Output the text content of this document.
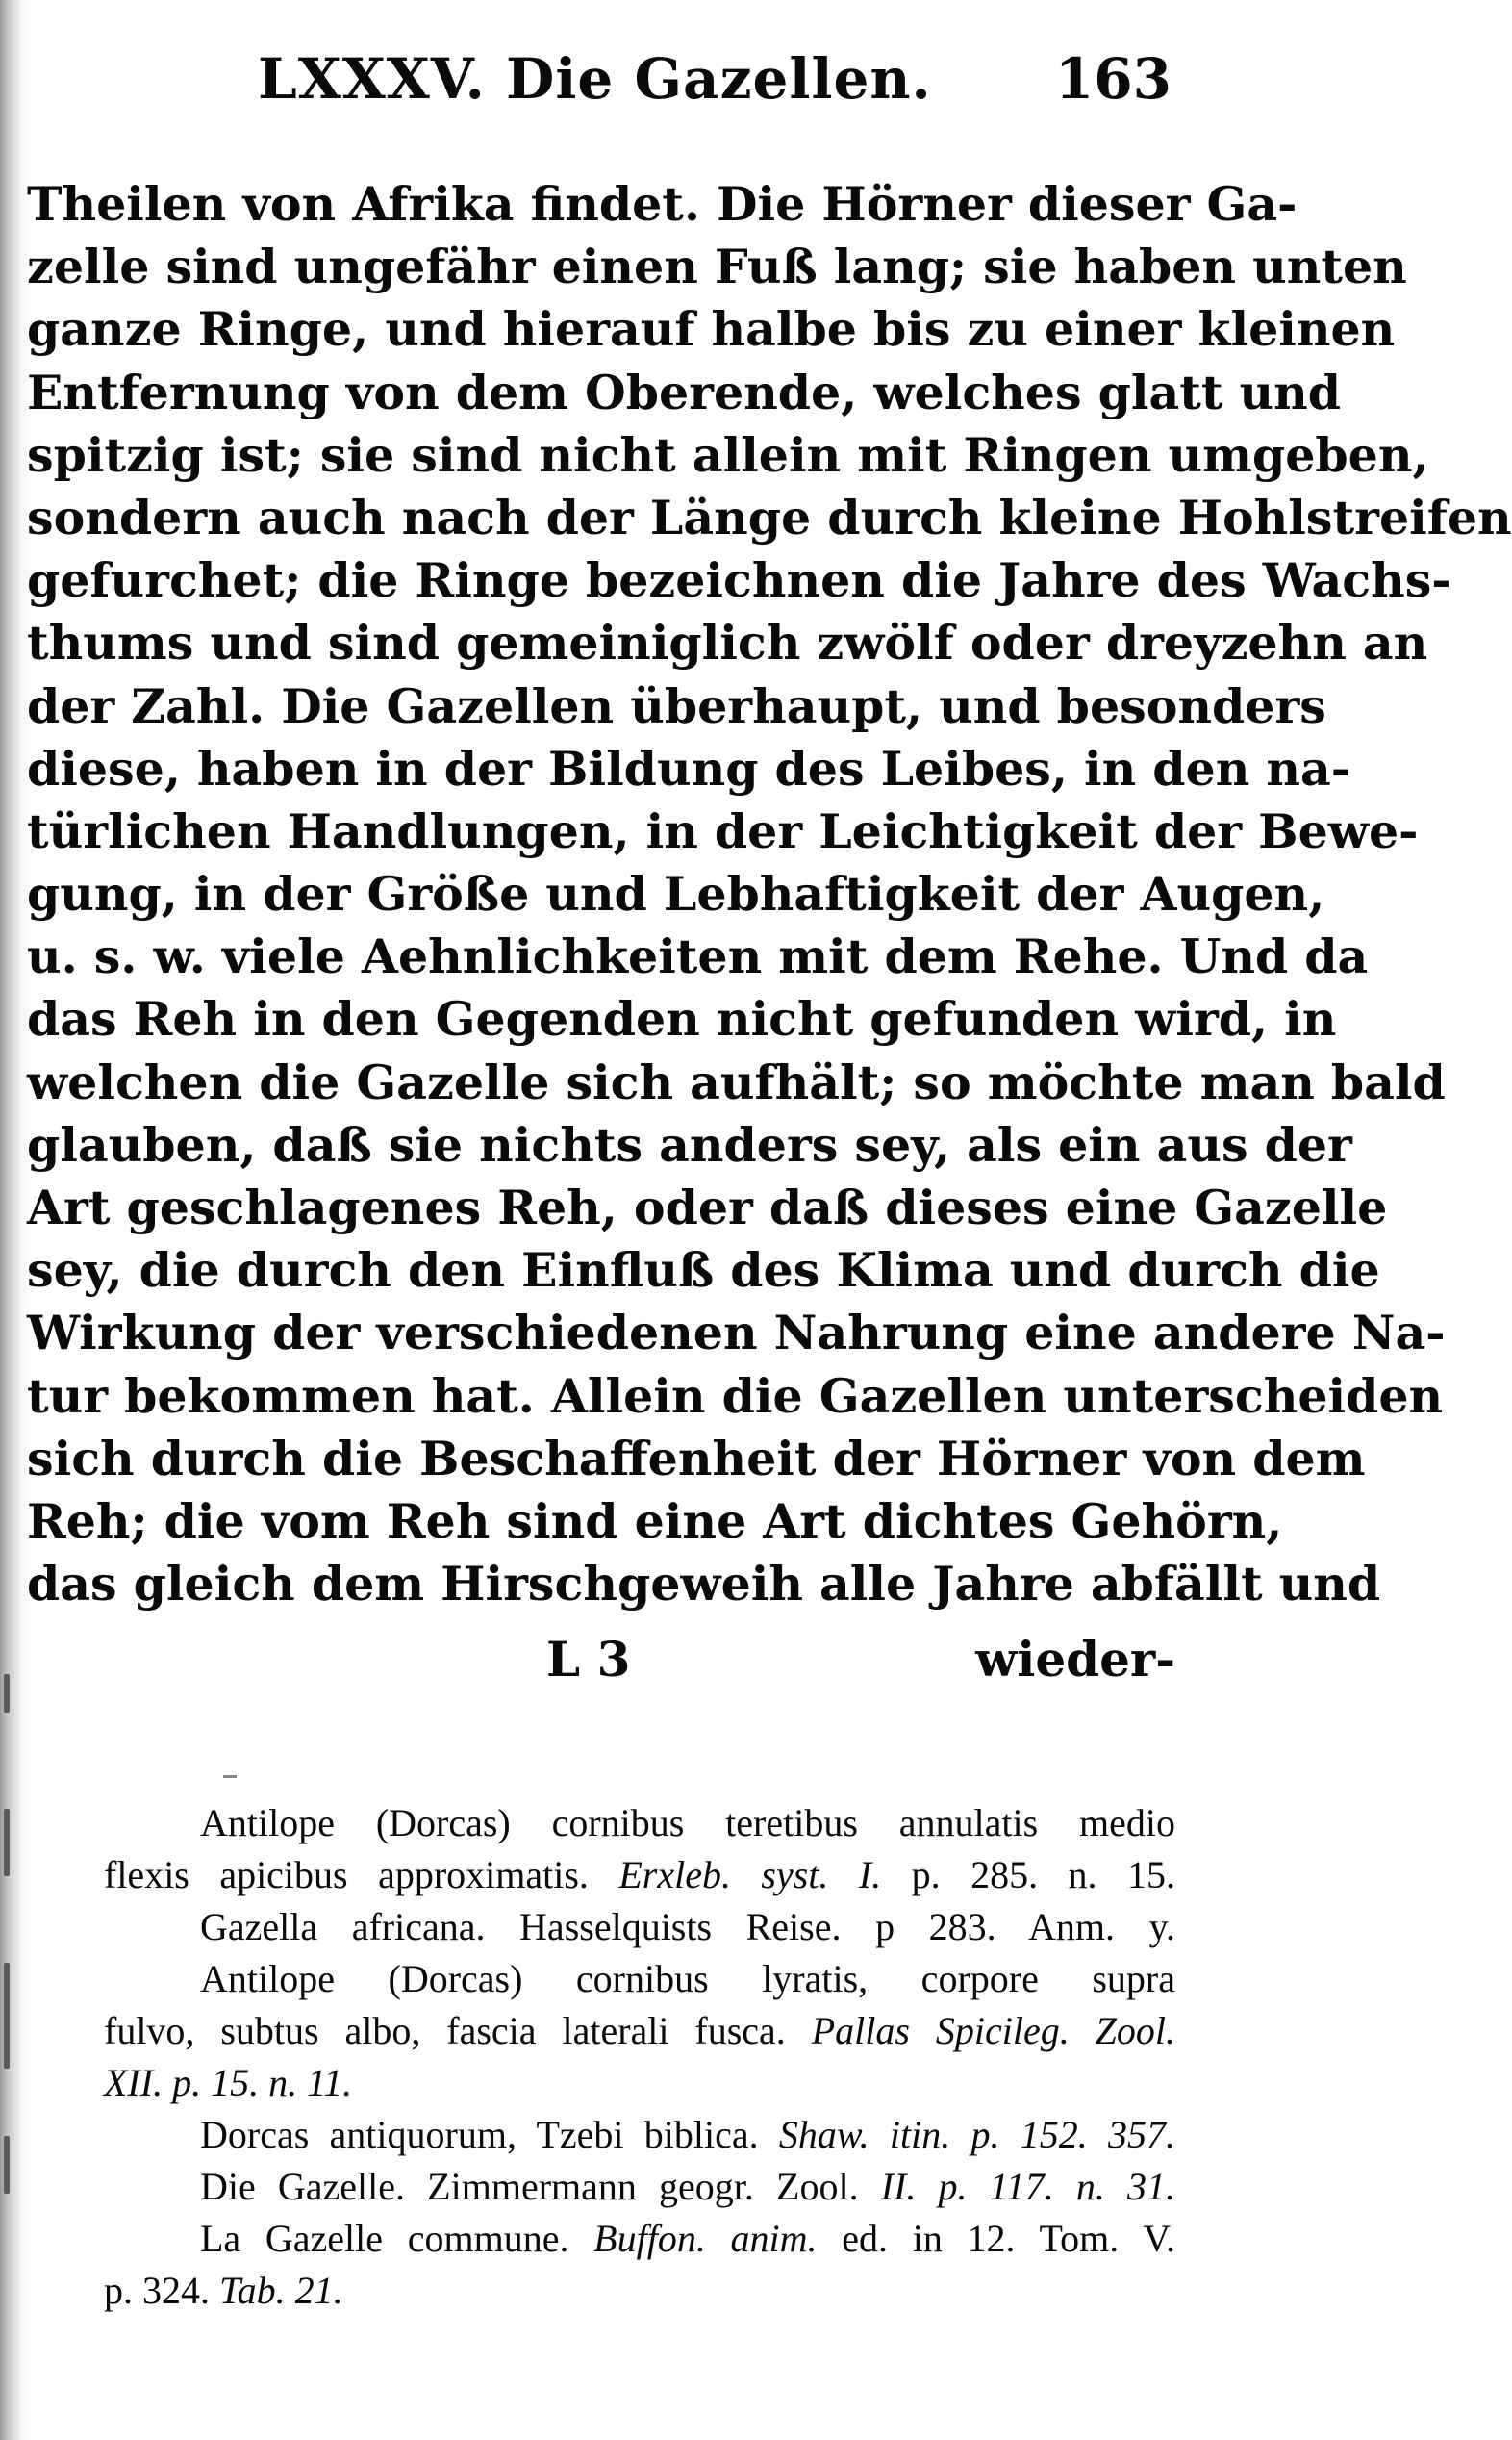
LXXXV. Die Gazellen. 163
Theilen von Afrika findet. Die Hörner dieser Ga-
zelle sind ungefähr einen Fuß lang; sie haben unten
ganze Ringe, und hierauf halbe bis zu einer kleinen
Entfernung von dem Oberende, welches glatt und
spitzig ist; sie sind nicht allein mit Ringen umgeben,
sondern auch nach der Länge durch kleine Hohlstreifen
gefurchet; die Ringe bezeichnen die Jahre des Wachs-
thums und sind gemeiniglich zwölf oder dreyzehn an
der Zahl. Die Gazellen überhaupt, und besonders
diese, haben in der Bildung des Leibes, in den na-
türlichen Handlungen, in der Leichtigkeit der Bewe-
gung, in der Größe und Lebhaftigkeit der Augen,
u. s. w. viele Aehnlichkeiten mit dem Rehe. Und da
das Reh in den Gegenden nicht gefunden wird, in
welchen die Gazelle sich aufhält; so möchte man bald
glauben, daß sie nichts anders sey, als ein aus der
Art geschlagenes Reh, oder daß dieses eine Gazelle
sey, die durch den Einfluß des Klima und durch die
Wirkung der verschiedenen Nahrung eine andere Na-
tur bekommen hat. Allein die Gazellen unterscheiden
sich durch die Beschaffenheit der Hörner von dem
Reh; die vom Reh sind eine Art dichtes Gehörn,
das gleich dem Hirschgeweih alle Jahre abfällt und
L 3	wieder-
Antilope (Dorcas) cornibus teretibus annulatis medio
flexis apicibus approximatis. Erxleb. syst. I. p. 285. n. 15.
Gazella africana. Hasselquists Reise. p 283. Anm. y.
Antilope (Dorcas) cornibus lyratis, corpore supra
fulvo, subtus albo, fascia laterali fusca. Pallas Spicileg. Zool.
XII. p. 15. n. 11.
Dorcas antiquorum, Tzebi biblica. Shaw. itin. p. 152. 357.
Die Gazelle. Zimmermann geogr. Zool. II. p. 117. n. 31.
La Gazelle commune. Buffon. anim. ed. in 12. Tom. V.
p. 324. Tab. 21.
